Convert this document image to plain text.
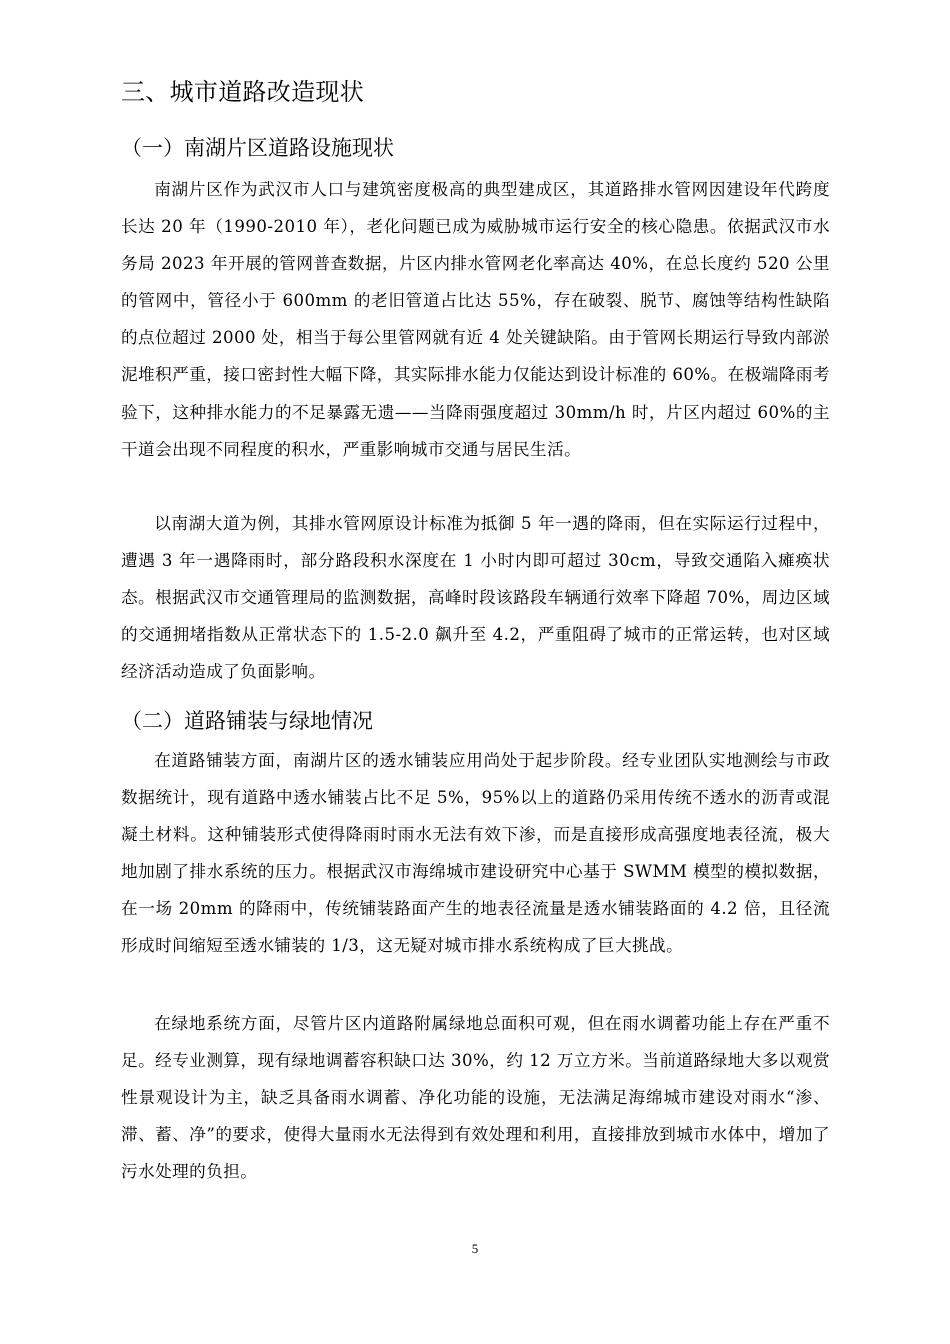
三、城市道路改造现状
（一）南湖片区道路设施现状

南湖片区作为武汉市人口与建筑密度极高的典型建成区，其道路排水管网因建设年代跨度长达 20 年（1990-2010 年），老化问题已成为威胁城市运行安全的核心隐患。依据武汉市水务局 2023 年开展的管网普查数据，片区内排水管网老化率高达 40%，在总长度约 520 公里的管网中，管径小于 600mm 的老旧管道占比达 55%，存在破裂、脱节、腐蚀等结构性缺陷的点位超过 2000 处，相当于每公里管网就有近 4 处关键缺陷。由于管网长期运行导致内部淤泥堆积严重，接口密封性大幅下降，其实际排水能力仅能达到设计标准的 60%。在极端降雨考验下，这种排水能力的不足暴露无遗——当降雨强度超过 30mm/h 时，片区内超过 60%的主干道会出现不同程度的积水，严重影响城市交通与居民生活。

以南湖大道为例，其排水管网原设计标准为抵御 5 年一遇的降雨，但在实际运行过程中，遭遇 3 年一遇降雨时，部分路段积水深度在 1 小时内即可超过 30cm，导致交通陷入瘫痪状态。根据武汉市交通管理局的监测数据，高峰时段该路段车辆通行效率下降超 70%，周边区域的交通拥堵指数从正常状态下的 1.5-2.0 飙升至 4.2，严重阻碍了城市的正常运转，也对区域经济活动造成了负面影响。

（二）道路铺装与绿地情况

在道路铺装方面，南湖片区的透水铺装应用尚处于起步阶段。经专业团队实地测绘与市政数据统计，现有道路中透水铺装占比不足 5%，95%以上的道路仍采用传统不透水的沥青或混凝土材料。这种铺装形式使得降雨时雨水无法有效下渗，而是直接形成高强度地表径流，极大地加剧了排水系统的压力。根据武汉市海绵城市建设研究中心基于 SWMM 模型的模拟数据，在一场 20mm 的降雨中，传统铺装路面产生的地表径流量是透水铺装路面的 4.2 倍，且径流形成时间缩短至透水铺装的 1/3，这无疑对城市排水系统构成了巨大挑战。

在绿地系统方面，尽管片区内道路附属绿地总面积可观，但在雨水调蓄功能上存在严重不足。经专业测算，现有绿地调蓄容积缺口达 30%，约 12 万立方米。当前道路绿地大多以观赏性景观设计为主，缺乏具备雨水调蓄、净化功能的设施，无法满足海绵城市建设对雨水“渗、滞、蓄、净”的要求，使得大量雨水无法得到有效处理和利用，直接排放到城市水体中，增加了污水处理的负担。

5
